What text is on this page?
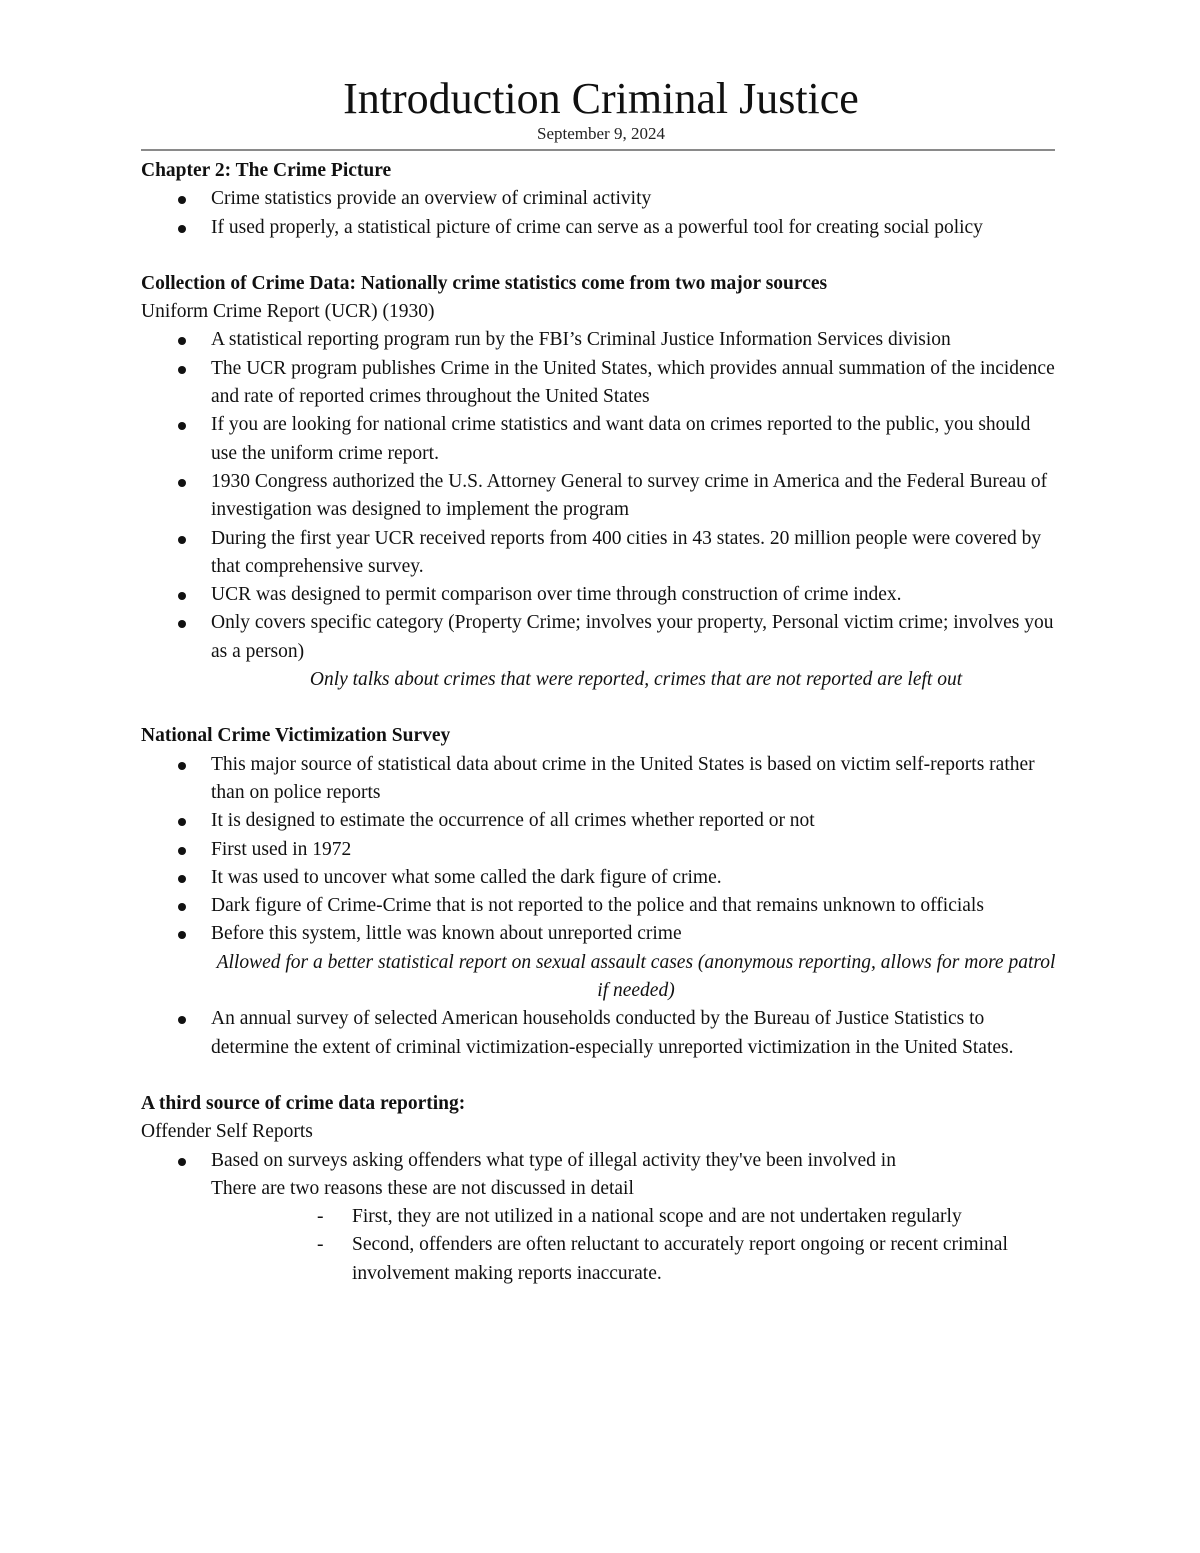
Introduction Criminal Justice

September 9, 2024

Chapter 2: The Crime Picture

Crime statistics provide an overview of criminal activity
If used properly, a statistical picture of crime can serve as a powerful tool for creating social policy

Collection of Crime Data: Nationally crime statistics come from two major sources

Uniform Crime Report (UCR) (1930)

A statistical reporting program run by the FBI’s Criminal Justice Information Services division
The UCR program publishes Crime in the United States, which provides annual summation of the incidence and rate of reported crimes throughout the United States
If you are looking for national crime statistics and want data on crimes reported to the public, you should use the uniform crime report.
1930 Congress authorized the U.S. Attorney General to survey crime in America and the Federal Bureau of investigation was designed to implement the program
During the first year UCR received reports from 400 cities in 43 states. 20 million people were covered by that comprehensive survey.
UCR was designed to permit comparison over time through construction of crime index.
Only covers specific category (Property Crime; involves your property, Personal victim crime; involves you as a person)

Only talks about crimes that were reported, crimes that are not reported are left out

National Crime Victimization Survey

This major source of statistical data about crime in the United States is based on victim self-reports rather than on police reports
It is designed to estimate the occurrence of all crimes whether reported or not
First used in 1972
It was used to uncover what some called the dark figure of crime.
Dark figure of Crime-Crime that is not reported to the police and that remains unknown to officials
Before this system, little was known about unreported crime

Allowed for a better statistical report on sexual assault cases (anonymous reporting, allows for more patrol if needed)

An annual survey of selected American households conducted by the Bureau of Justice Statistics to determine the extent of criminal victimization-especially unreported victimization in the United States.

A third source of crime data reporting:

Offender Self Reports

Based on surveys asking offenders what type of illegal activity they've been involved in

There are two reasons these are not discussed in detail

- First, they are not utilized in a national scope and are not undertaken regularly
- Second, offenders are often reluctant to accurately report ongoing or recent criminal involvement making reports inaccurate.
